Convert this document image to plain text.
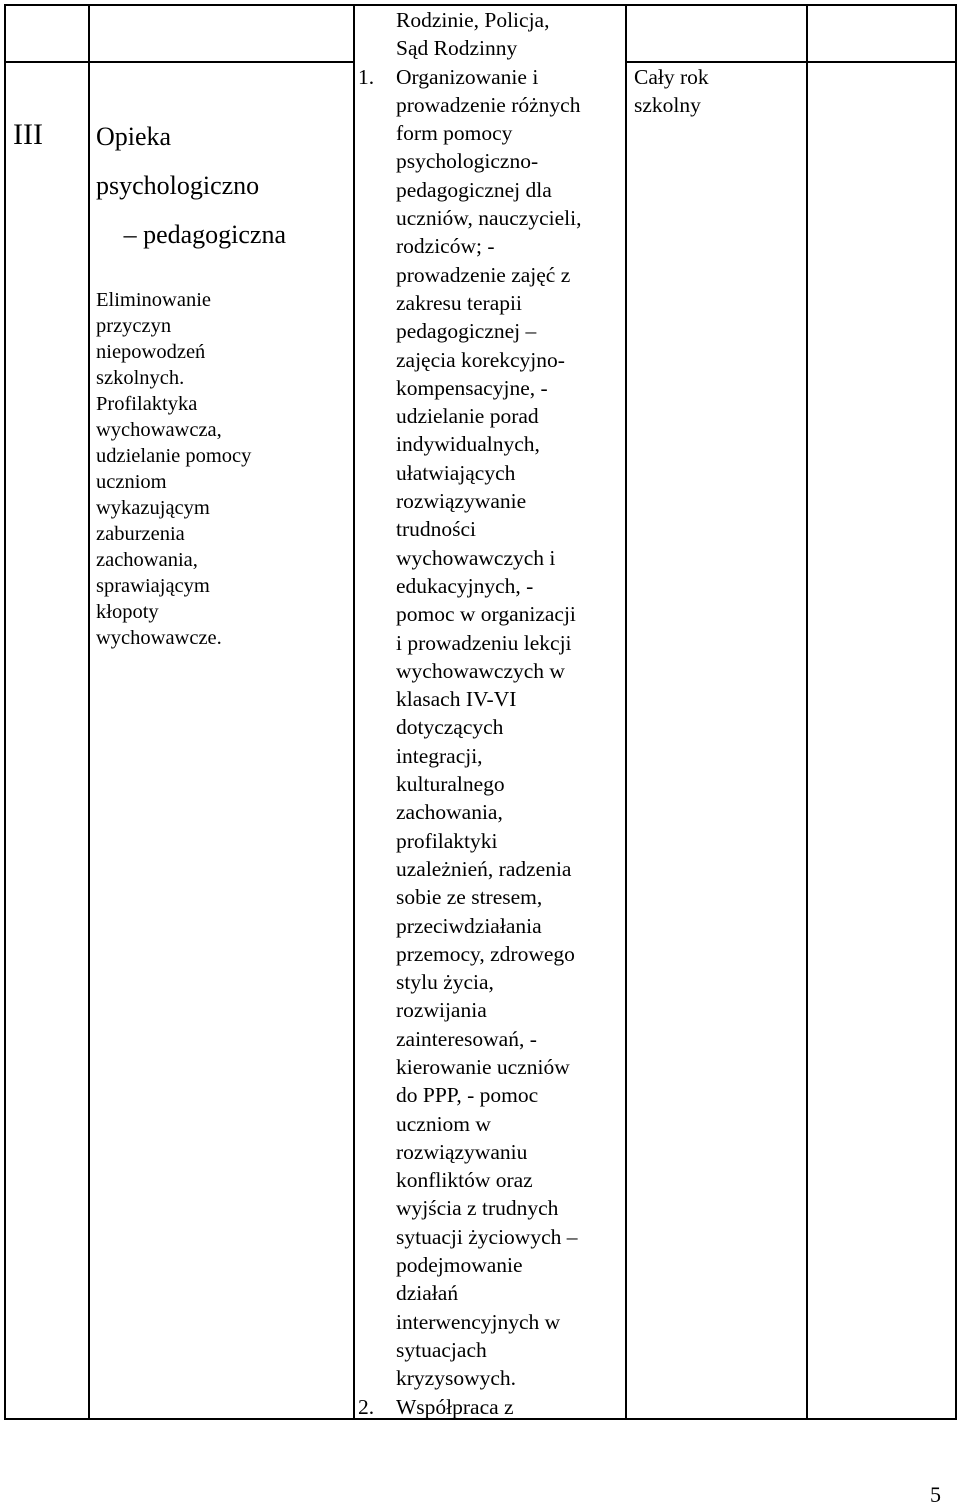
III Opieka
psychologiczno
– pedagogiczna
Eliminowanie
przyczyn
niepowodzeń
szkolnych.
Profilaktyka
wychowawcza,
udzielanie pomocy
uczniom
wykazującym
zaburzenia
zachowania,
sprawiającym
kłopoty
wychowawcze.
Rodzinie, Policja,
Sąd Rodzinny
1.	Organizowanie i
prowadzenie różnych
form pomocy
psychologiczno-
pedagogicznej dla
uczniów, nauczycieli,
rodziców; -
prowadzenie zajęć z
zakresu terapii
pedagogicznej –
zajęcia korekcyjno-
kompensacyjne, -
udzielanie porad
indywidualnych,
ułatwiających
rozwiązywanie
trudności
wychowawczych i
edukacyjnych, -
pomoc w organizacji
i prowadzeniu lekcji
wychowawczych w
klasach IV-VI
dotyczących
integracji,
kulturalnego
zachowania,
profilaktyki
uzależnień, radzenia
sobie ze stresem,
przeciwdziałania
przemocy, zdrowego
stylu życia,
rozwijania
zainteresowań, -
kierowanie uczniów
do PPP, - pomoc
uczniom w
rozwiązywaniu
konfliktów oraz
wyjścia z trudnych
sytuacji życiowych –
podejmowanie
działań
interwencyjnych w
sytuacjach
kryzysowych.
2.	Współpraca z
Cały rok
szkolny
5
